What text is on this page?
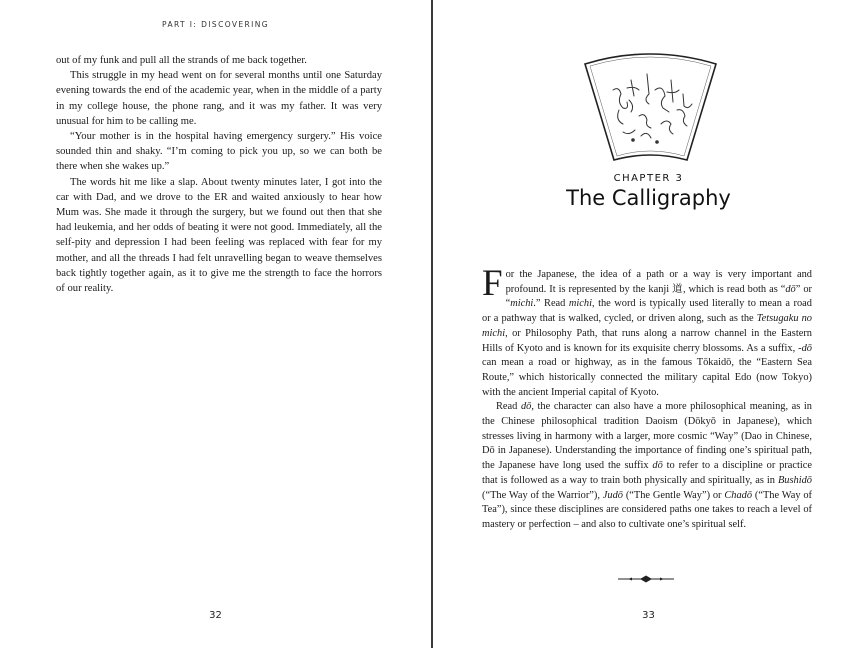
PART I: DISCOVERING

out of my funk and pull all the strands of me back together.

This struggle in my head went on for several months until one Saturday evening towards the end of the academic year, when in the middle of a party in my college house, the phone rang, and it was my father. It was very unusual for him to be calling me.

“Your mother is in the hospital having emergency surgery.” His voice sounded thin and shaky. “I’m coming to pick you up, so we can both be there when she wakes up.”

The words hit me like a slap. About twenty minutes later, I got into the car with Dad, and we drove to the ER and waited anxiously to hear how Mum was. She made it through the surgery, but we found out then that she had leukemia, and her odds of beating it were not good. Immediately, all the self-pity and depression I had been feeling was replaced with fear for my mother, and all the threads I had felt unravelling began to weave themselves back tightly together again, as it to give me the strength to face the horrors of our reality.

32
CHAPTER 3
The Calligraphy

For the Japanese, the idea of a path or a way is very important and profound. It is represented by the kanji 道, which is read both as “dō” or “michi.” Read michi, the word is typically used literally to mean a road or a pathway that is walked, cycled, or driven along, such as the Tetsugaku no michi, or Philosophy Path, that runs along a narrow channel in the Eastern Hills of Kyoto and is known for its exquisite cherry blossoms. As a suffix, -dō can mean a road or highway, as in the famous Tōkaidō, the “Eastern Sea Route,” which historically connected the military capital Edo (now Tokyo) with the ancient Imperial capital of Kyoto.

Read dō, the character can also have a more philosophical meaning, as in the Chinese philosophical tradition Daoism (Dōkyō in Japanese), which stresses living in harmony with a larger, more cosmic “Way” (Dao in Chinese, Dō in Japanese). Understanding the importance of finding one’s spiritual path, the Japanese have long used the suffix dō to refer to a discipline or practice that is followed as a way to train both physically and spiritually, as in Bushidō (“The Way of the Warrior”), Judō (“The Gentle Way”) or Chadō (“The Way of Tea”), since these disciplines are considered paths one takes to reach a level of mastery or perfection – and also to cultivate one’s spiritual self.

33
